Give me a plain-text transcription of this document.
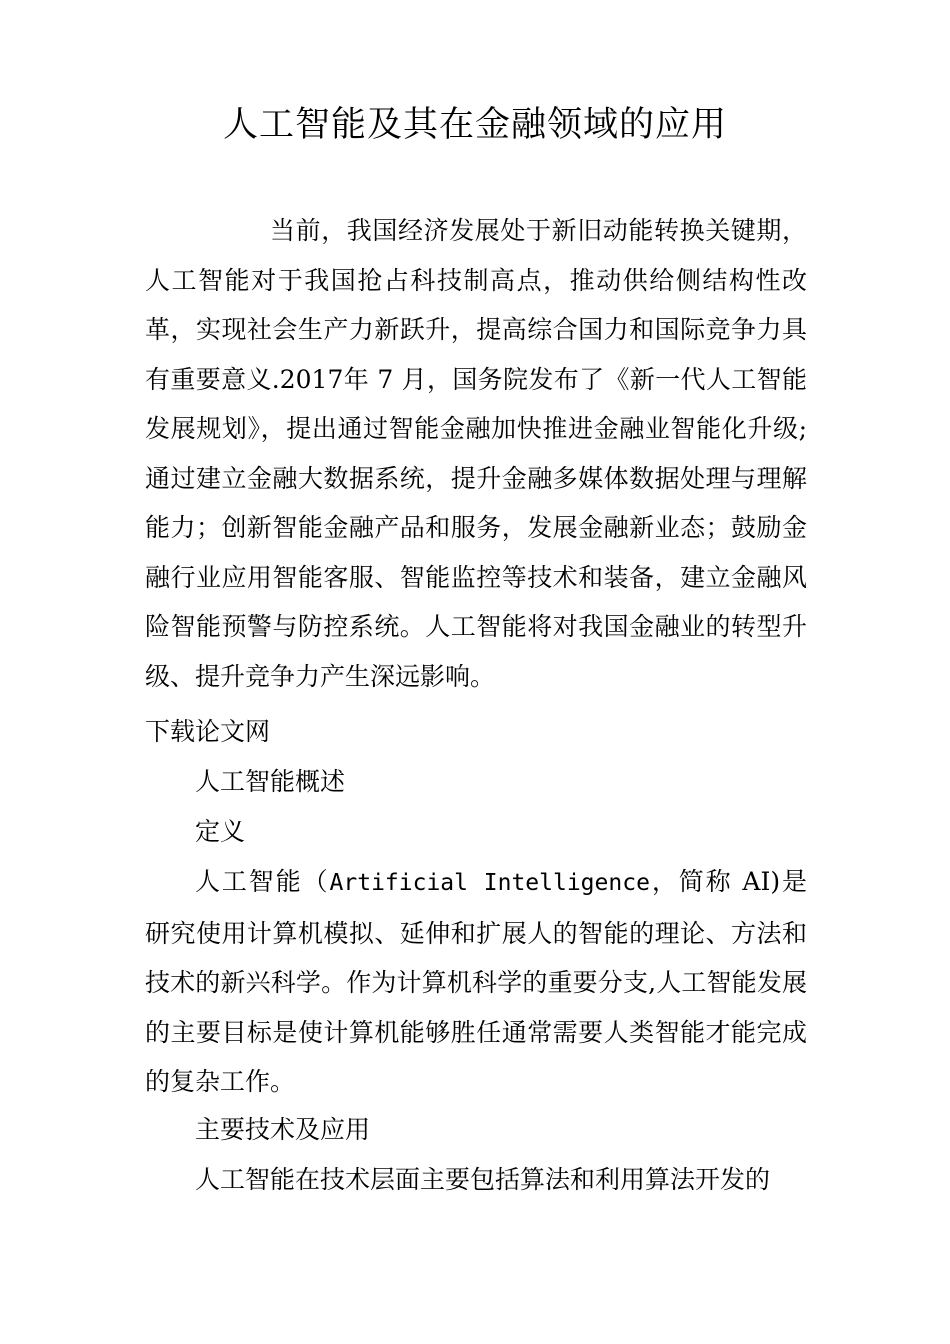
人工智能及其在金融领域的应用

当前，我国经济发展处于新旧动能转换关键期，人工智能对于我国抢占科技制高点，推动供给侧结构性改革，实现社会生产力新跃升，提高综合国力和国际竞争力具有重要意义.2017年 7 月，国务院发布了《新一代人工智能发展规划》，提出通过智能金融加快推进金融业智能化升级;通过建立金融大数据系统，提升金融多媒体数据处理与理解能力；创新智能金融产品和服务，发展金融新业态；鼓励金融行业应用智能客服、智能监控等技术和装备，建立金融风险智能预警与防控系统。人工智能将对我国金融业的转型升级、提升竞争力产生深远影响。

下载论文网

人工智能概述

定义

人工智能（Artificial Intelligence，简称 AI)是研究使用计算机模拟、延伸和扩展人的智能的理论、方法和技术的新兴科学。作为计算机科学的重要分支,人工智能发展的主要目标是使计算机能够胜任通常需要人类智能才能完成的复杂工作。

主要技术及应用

人工智能在技术层面主要包括算法和利用算法开发的
